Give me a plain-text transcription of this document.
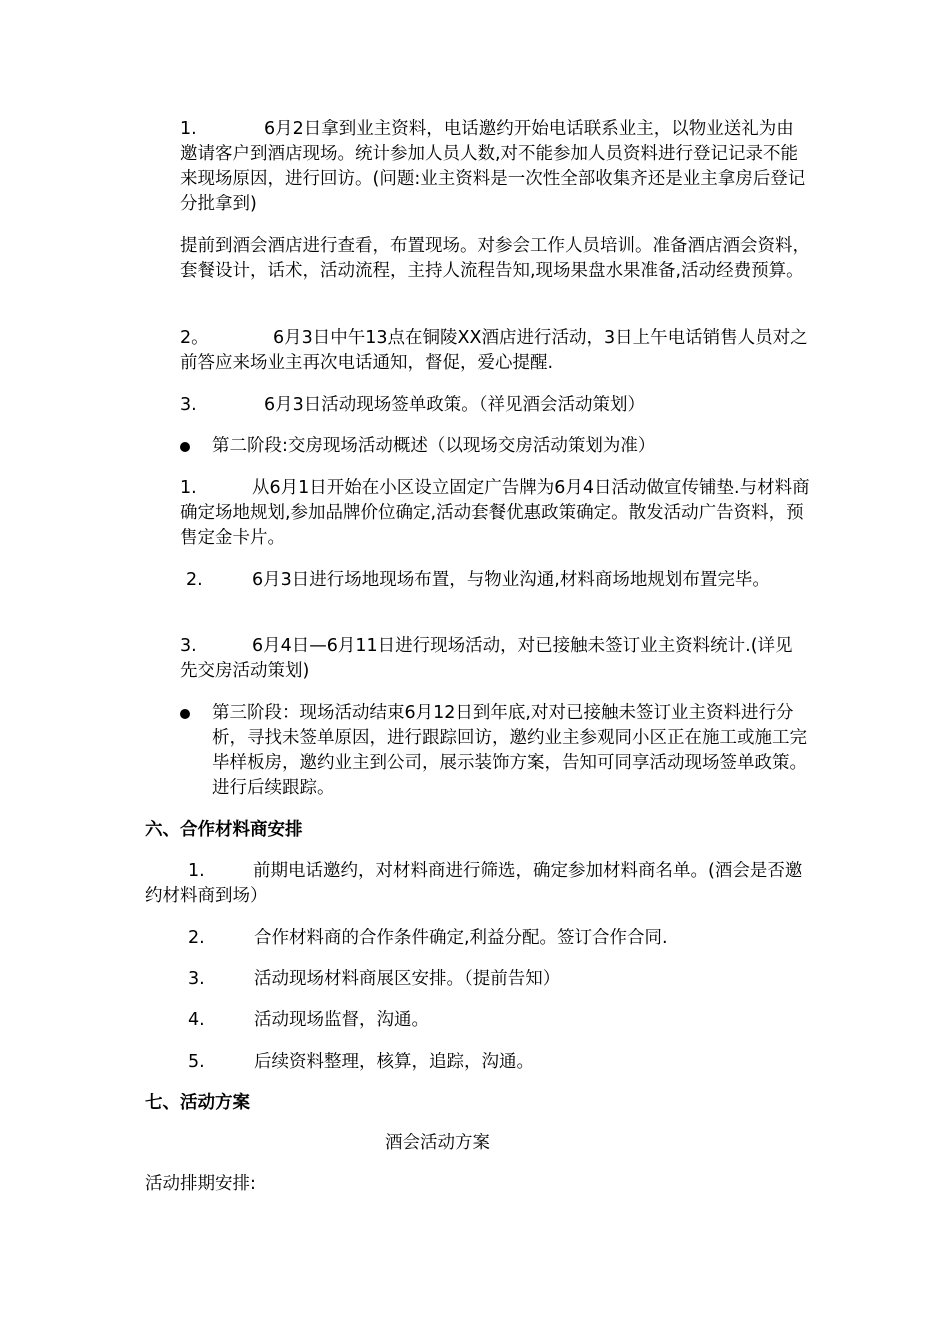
1.	6月2日拿到业主资料，电话邀约开始电话联系业主，以物业送礼为由邀请客户到酒店现场。统计参加人员人数,对不能参加人员资料进行登记记录不能来现场原因，进行回访。(问题:业主资料是一次性全部收集齐还是业主拿房后登记分批拿到)

提前到酒会酒店进行查看，布置现场。对参会工作人员培训。准备酒店酒会资料，套餐设计，话术，活动流程，主持人流程告知,现场果盘水果准备,活动经费预算。

2。	6月3日中午13点在铜陵XX酒店进行活动，3日上午电话销售人员对之前答应来场业主再次电话通知，督促，爱心提醒.

3.	6月3日活动现场签单政策。（祥见酒会活动策划）

第二阶段:交房现场活动概述（以现场交房活动策划为准）

1.	从6月1日开始在小区设立固定广告牌为6月4日活动做宣传铺垫.与材料商确定场地规划,参加品牌价位确定,活动套餐优惠政策确定。散发活动广告资料，预售定金卡片。

2.	6月3日进行场地现场布置，与物业沟通,材料商场地规划布置完毕。

3.	6月4日—6月11日进行现场活动，对已接触未签订业主资料统计.(详见先交房活动策划)

第三阶段：现场活动结束6月12日到年底,对对已接触未签订业主资料进行分析，寻找未签单原因，进行跟踪回访，邀约业主参观同小区正在施工或施工完毕样板房，邀约业主到公司，展示装饰方案，告知可同享活动现场签单政策。进行后续跟踪。
六、合作材料商安排

1.	前期电话邀约，对材料商进行筛选，确定参加材料商名单。(酒会是否邀约材料商到场）

2.	合作材料商的合作条件确定,利益分配。签订合作合同.
3.	活动现场材料商展区安排。（提前告知）
4.	活动现场监督，沟通。
5.	后续资料整理，核算，追踪，沟通。
七、活动方案
酒会活动方案
活动排期安排:
